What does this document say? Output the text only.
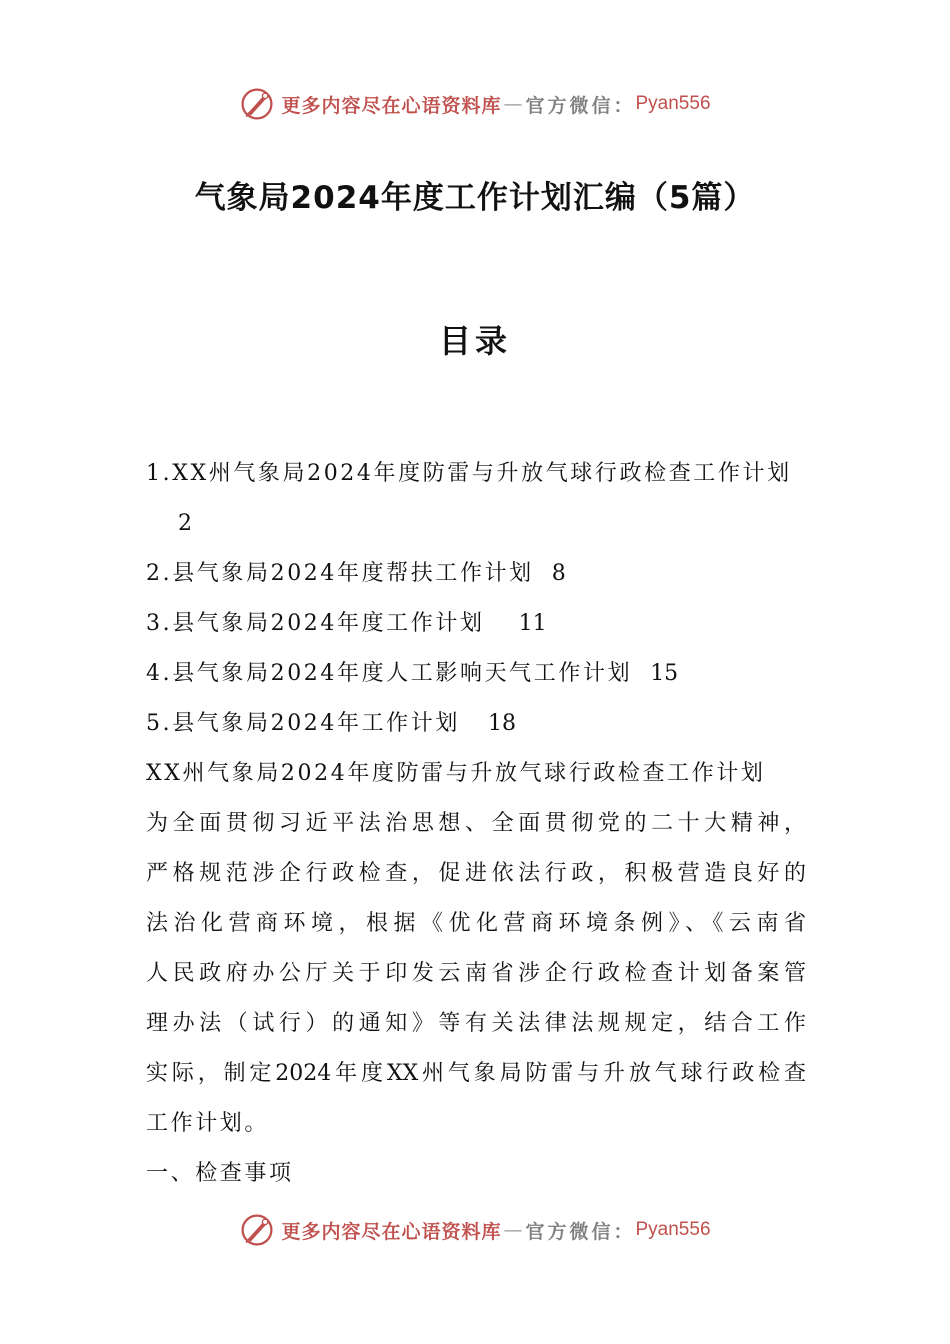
更多内容尽在心语资料库 — 官方微信： Pyan556
气象局2024年度工作计划汇编（5篇）
目录
1.XX州气象局2024年度防雷与升放气球行政检查工作计划
2
2.县气象局2024年度帮扶工作计划 8
3.县气象局2024年度工作计划 11
4.县气象局2024年度人工影响天气工作计划 15
5.县气象局2024年工作计划 18
XX州气象局2024年度防雷与升放气球行政检查工作计划
为全面贯彻习近平法治思想、全面贯彻党的二十大精神，
严格规范涉企行政检查，促进依法行政，积极营造良好的
法治化营商环境，根据《优化营商环境条例》、《云南省
人民政府办公厅关于印发云南省涉企行政检查计划备案管
理办法（试行）的通知》等有关法律法规规定，结合工作
实际，制定2024年度XX州气象局防雷与升放气球行政检查
工作计划。
一、检查事项
更多内容尽在心语资料库 — 官方微信： Pyan556
